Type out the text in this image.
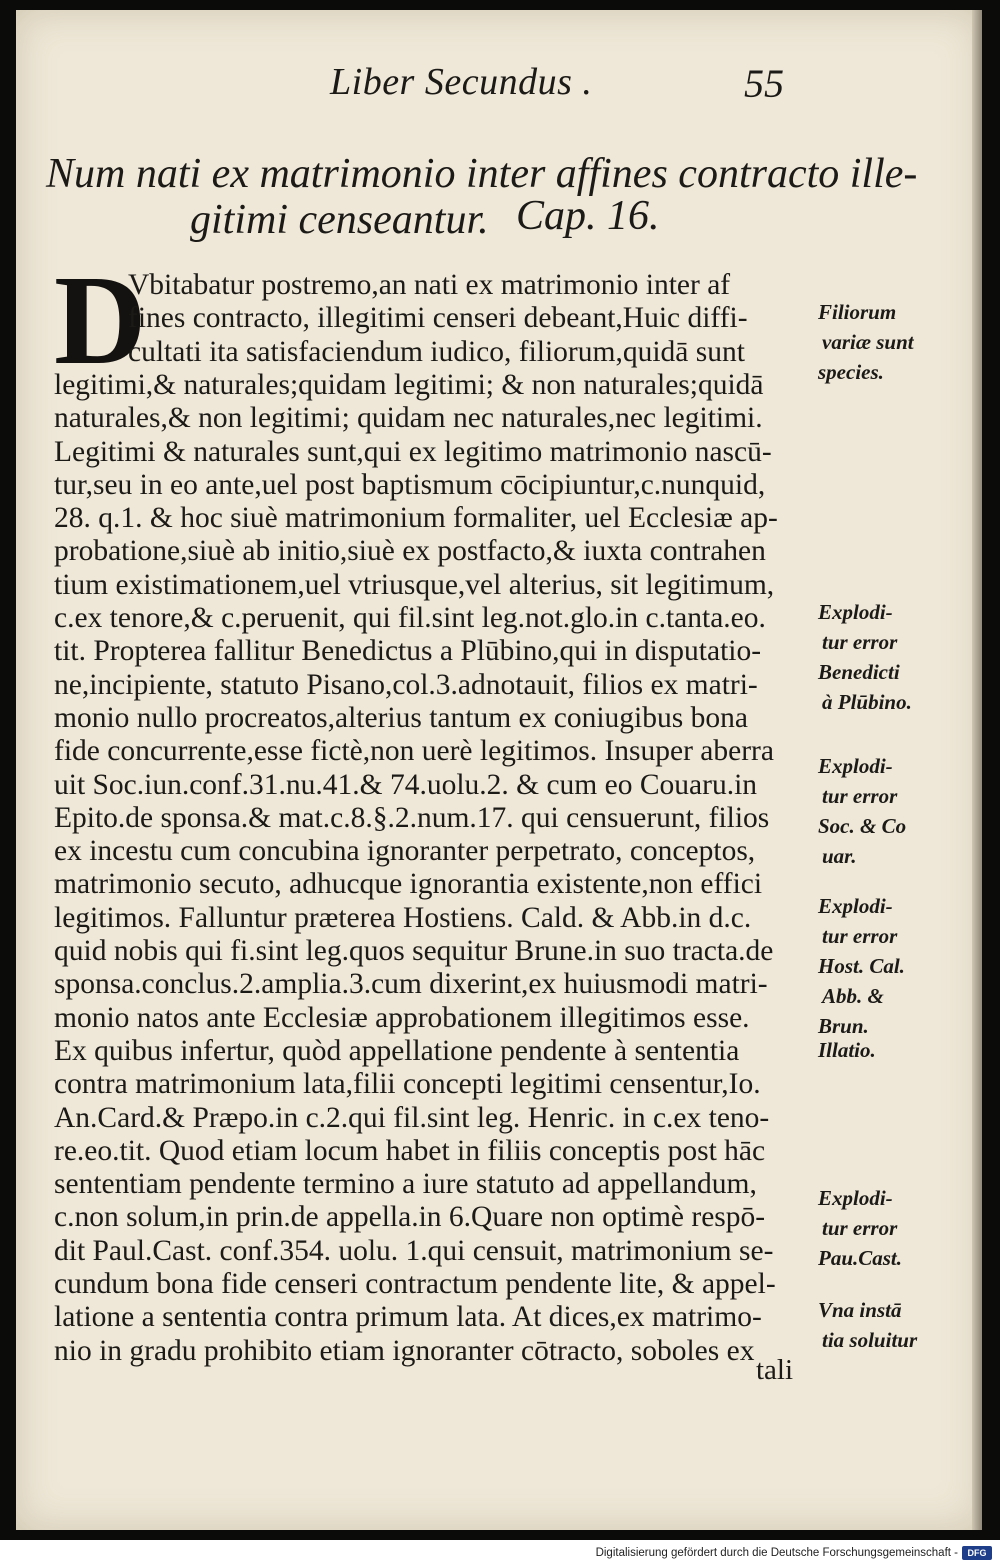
Liber Secundus .	55
Num nati ex matrimonio inter affines contracto ille-
gitimi censeantur. Cap. 16.
D
Vbitabatur postremo,an nati ex matrimonio inter af
fines contracto, illegitimi censeri debeant,Huic diffi-
cultati ita satisfaciendum iudico, filiorum,quidā sunt
legitimi,& naturales;quidam legitimi; & non naturales;quidā
naturales,& non legitimi; quidam nec naturales,nec legitimi.
Legitimi & naturales sunt,qui ex legitimo matrimonio nascū-
tur,seu in eo ante,uel post baptismum cōcipiuntur,c.nunquid,
28. q.1. & hoc siuè matrimonium formaliter, uel Ecclesiæ ap-
probatione,siuè ab initio,siuè ex postfacto,& iuxta contrahen
tium existimationem,uel vtriusque,vel alterius, sit legitimum,
c.ex tenore,& c.peruenit, qui fil.sint leg.not.glo.in c.tanta.eo.
tit. Propterea fallitur Benedictus a Plūbino,qui in disputatio-
ne,incipiente, statuto Pisano,col.3.adnotauit, filios ex matri-
monio nullo procreatos,alterius tantum ex coniugibus bona
fide concurrente,esse fictè,non uerè legitimos. Insuper aberra
uit Soc.iun.conf.31.nu.41.& 74.uolu.2. & cum eo Couaru.in
Epito.de sponsa.& mat.c.8.§.2.num.17. qui censuerunt, filios
ex incestu cum concubina ignoranter perpetrato, conceptos,
matrimonio secuto, adhucque ignorantia existente,non effici
legitimos. Falluntur præterea Hostiens. Cald. & Abb.in d.c.
quid nobis qui fi.sint leg.quos sequitur Brune.in suo tracta.de
sponsa.conclus.2.amplia.3.cum dixerint,ex huiusmodi matri-
monio natos ante Ecclesiæ approbationem illegitimos esse.
Ex quibus infertur, quòd appellatione pendente à sententia
contra matrimonium lata,filii concepti legitimi censentur,Io.
An.Card.& Præpo.in c.2.qui fil.sint leg. Henric. in c.ex teno-
re.eo.tit. Quod etiam locum habet in filiis conceptis post hāc
sententiam pendente termino a iure statuto ad appellandum,
c.non solum,in prin.de appella.in 6.Quare non optimè respō-
dit Paul.Cast. conf.354. uolu. 1.qui censuit, matrimonium se-
cundum bona fide censeri contractum pendente lite, & appel-
latione a sententia contra primum lata. At dices,ex matrimo-
nio in gradu prohibito etiam ignoranter cōtracto, soboles ex
Filiorum
variæ sunt
species.
Explodi-
tur error
Benedicti
à Plūbino.
Explodi-
tur error
Soc. & Co
uar.
Explodi-
tur error
Host. Cal.
Abb. &
Brun.
Illatio.
Explodi-
tur error
Pau.Cast.
Vna instā
tia soluitur
tali
Digitalisierung gefördert durch die Deutsche Forschungsgemeinschaft -	DFG
